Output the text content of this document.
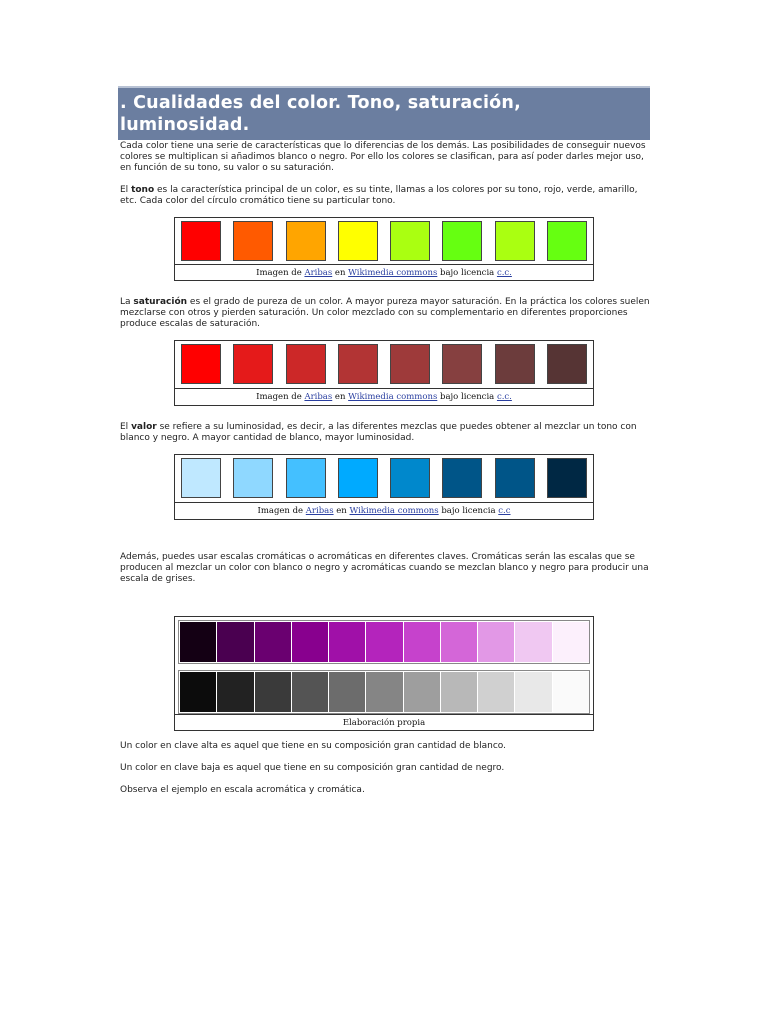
. Cualidades del color. Tono, saturación, luminosidad.

Cada color tiene una serie de características que lo diferencias de los demás. Las posibilidades de conseguir nuevos colores se multiplican si añadimos blanco o negro. Por ello los colores se clasifican, para así poder darles mejor uso, en función de su tono, su valor o su saturación.

El tono es la característica principal de un color, es su tinte, llamas a los colores por su tono, rojo, verde, amarillo, etc. Cada color del círculo cromático tiene su particular tono.

Imagen de Aribas en Wikimedia commons bajo licencia c.c.

La saturación es el grado de pureza de un color. A mayor pureza mayor saturación. En la práctica los colores suelen mezclarse con otros y pierden saturación. Un color mezclado con su complementario en diferentes proporciones produce escalas de saturación.

Imagen de Aribas en Wikimedia commons bajo licencia c.c.

El valor se refiere a su luminosidad, es decir, a las diferentes mezclas que puedes obtener al mezclar un tono con blanco y negro. A mayor cantidad de blanco, mayor luminosidad.

Imagen de Aribas en Wikimedia commons bajo licencia c.c

Además, puedes usar escalas cromáticas o acromáticas en diferentes claves. Cromáticas serán las escalas que se producen al mezclar un color con blanco o negro y acromáticas cuando se mezclan blanco y negro para producir una escala de grises.

Elaboración propia

Un color en clave alta es aquel que tiene en su composición gran cantidad de blanco.

Un color en clave baja es aquel que tiene en su composición gran cantidad de negro.

Observa el ejemplo en escala acromática y cromática.
